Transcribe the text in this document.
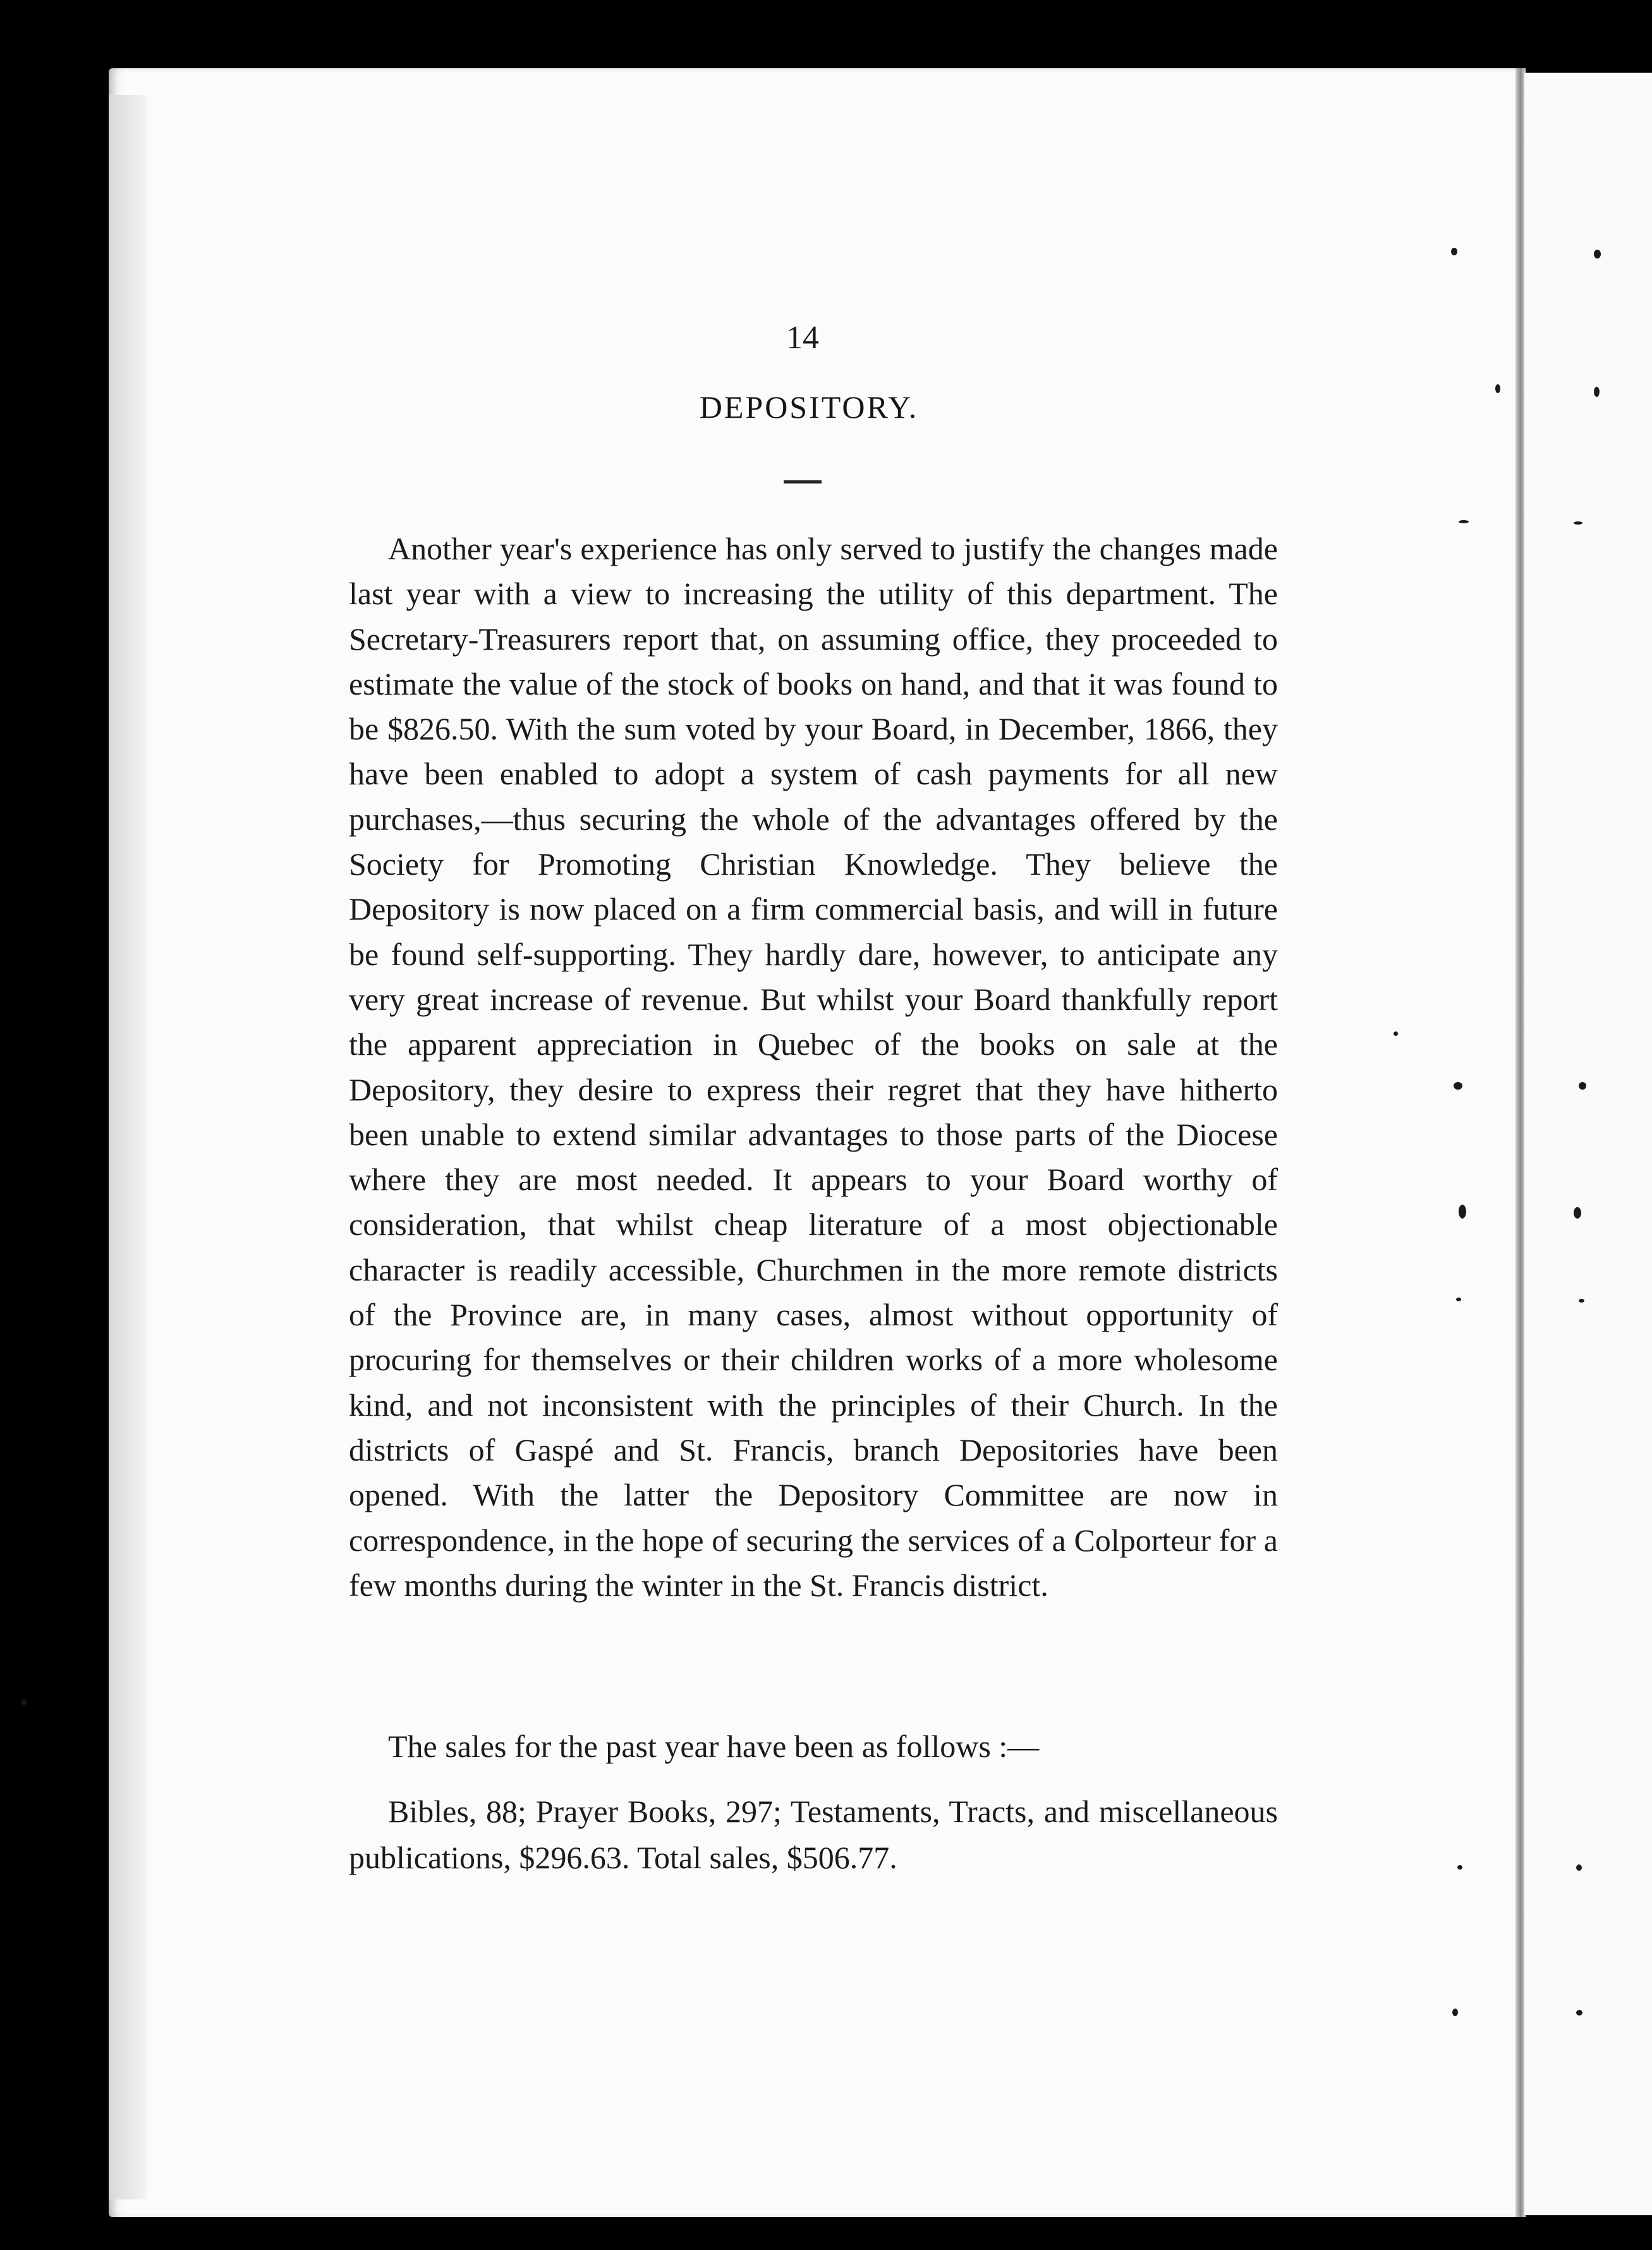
14
DEPOSITORY.

Another year's experience has only served to justify the changes made last year with a view to increasing the utility of this department. The Secretary-Treasurers report that, on assuming office, they proceeded to estimate the value of the stock of books on hand, and that it was found to be $826.50. With the sum voted by your Board, in December, 1866, they have been enabled to adopt a system of cash payments for all new purchases,—thus securing the whole of the advantages offered by the Society for Promoting Christian Knowledge. They believe the Depository is now placed on a firm commercial basis, and will in future be found self-supporting. They hardly dare, however, to anticipate any very great increase of revenue. But whilst your Board thankfully report the apparent appreciation in Quebec of the books on sale at the Depository, they desire to express their regret that they have hitherto been unable to extend similar advantages to those parts of the Diocese where they are most needed. It appears to your Board worthy of consideration, that whilst cheap literature of a most objectionable character is readily accessible, Churchmen in the more remote districts of the Province are, in many cases, almost without opportunity of procuring for themselves or their children works of a more wholesome kind, and not inconsistent with the principles of their Church. In the districts of Gaspé and St. Francis, branch Depositories have been opened. With the latter the Depository Committee are now in correspondence, in the hope of securing the services of a Colporteur for a few months during the winter in the St. Francis district.

The sales for the past year have been as follows :—
Bibles, 88; Prayer Books, 297; Testaments, Tracts, and miscellaneous publications, $296.63. Total sales, $506.77.
